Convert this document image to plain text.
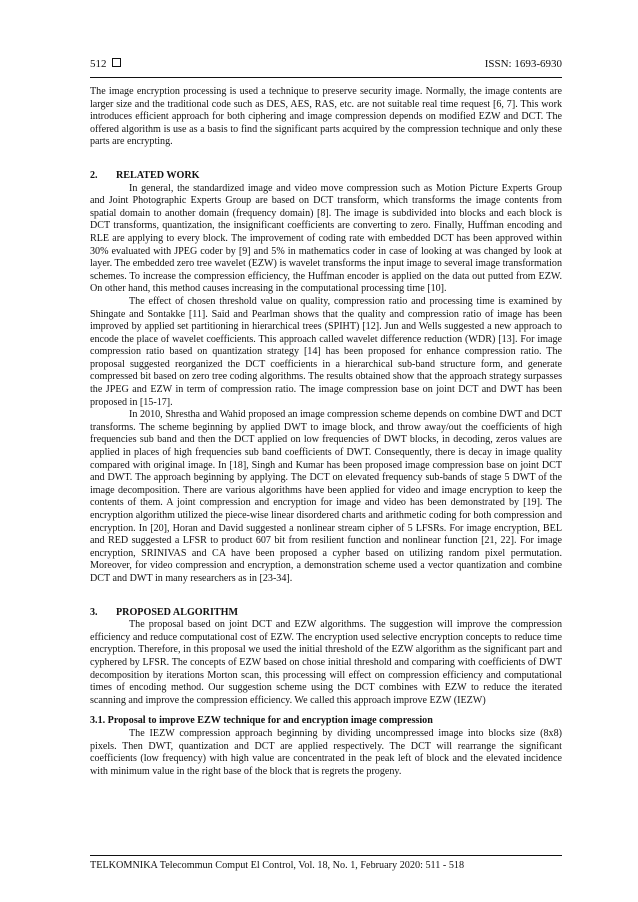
512	ISSN: 1693-6930

The image encryption processing is used a technique to preserve security image. Normally, the image contents are larger size and the traditional code such as DES, AES, RAS, etc. are not suitable real time request [6, 7]. This work introduces efficient approach for both ciphering and image compression depends on modified EZW and DCT. The offered algorithm is use as a basis to find the significant parts acquired by the compression technique and only these parts are encrypting.

2. RELATED WORK

In general, the standardized image and video move compression such as Motion Picture Experts Group and Joint Photographic Experts Group are based on DCT transform, which transforms the image contents from spatial domain to another domain (frequency domain) [8]. The image is subdivided into blocks and each block is DCT transforms, quantization, the insignificant coefficients are converting to zero. Finally, Huffman encoding and RLE are applying to every block. The improvement of coding rate with embedded DCT has been approved within 30% evaluated with JPEG coder by [9] and 5% in mathematics coder in case of looking at was changed by look at layer. The embedded zero tree wavelet (EZW) is wavelet transforms the input image to several image transformation schemes. To increase the compression efficiency, the Huffman encoder is applied on the data out putted from EZW. On other hand, this method causes increasing in the computational processing time [10].

The effect of chosen threshold value on quality, compression ratio and processing time is examined by Shingate and Sontakke [11]. Said and Pearlman shows that the quality and compression ratio of image has been improved by applied set partitioning in hierarchical trees (SPIHT) [12]. Jun and Wells suggested a new approach to encode the place of wavelet coefficients. This approach called wavelet difference reduction (WDR) [13]. For image compression ratio based on quantization strategy [14] has been proposed for enhance compression ratio. The proposal suggested reorganized the DCT coefficients in a hierarchical sub-band structure form, and generate compressed bit based on zero tree coding algorithms. The results obtained show that the approach strategy surpasses the JPEG and EZW in term of compression ratio. The image compression base on joint DCT and DWT has been proposed in [15-17].

In 2010, Shrestha and Wahid proposed an image compression scheme depends on combine DWT and DCT transforms. The scheme beginning by applied DWT to image block, and throw away/out the coefficients of high frequencies sub band and then the DCT applied on low frequencies of DWT blocks, in decoding, zeros values are applied in places of high frequencies sub band coefficients of DWT. Consequently, there is decay in image quality compared with original image. In [18], Singh and Kumar has been proposed image compression base on joint DCT and DWT. The approach beginning by applying. The DCT on elevated frequency sub-bands of stage 5 DWT of the image decomposition. There are various algorithms have been applied for video and image encryption to keep the contents of them. A joint compression and encryption for image and video has been demonstrated by [19]. The encryption algorithm utilized the piece-wise linear disordered charts and arithmetic coding for both compression and encryption. In [20], Horan and David suggested a nonlinear stream cipher of 5 LFSRs. For image encryption, BEL and RED suggested a LFSR to product 607 bit from resilient function and nonlinear function [21, 22]. For image encryption, SRINIVAS and CA have been proposed a cypher based on utilizing random pixel permutation. Moreover, for video compression and encryption, a demonstration scheme used a vector quantization and combine DCT and DWT in many researchers as in [23-34].

3. PROPOSED ALGORITHM

The proposal based on joint DCT and EZW algorithms. The suggestion will improve the compression efficiency and reduce computational cost of EZW. The encryption used selective encryption concepts to reduce time encryption. Therefore, in this proposal we used the initial threshold of the EZW algorithm as the significant part and cyphered by LFSR. The concepts of EZW based on chose initial threshold and comparing with coefficients of DWT decomposition by iterations Morton scan, this processing will effect on compression efficiency and computational times of encoding method. Our suggestion scheme using the DCT combines with EZW to reduce the iterated scanning and improve the compression efficiency. We called this approach improve EZW (IEZW)

3.1. Proposal to improve EZW technique for and encryption image compression

The IEZW compression approach beginning by dividing uncompressed image into blocks size (8x8) pixels. Then DWT, quantization and DCT are applied respectively. The DCT will rearrange the significant coefficients (low frequency) with high value are concentrated in the peak left of block and the elevated incidence with minimum value in the right base of the block that is regrets the progeny.

TELKOMNIKA Telecommun Comput El Control, Vol. 18, No. 1, February 2020: 511 - 518
